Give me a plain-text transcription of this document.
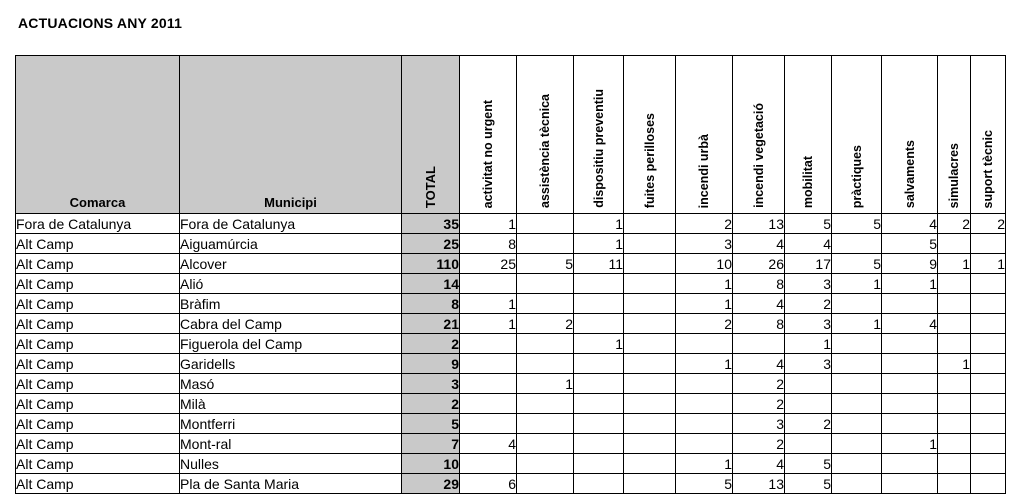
ACTUACIONS ANY 2011
Comarca	Municipi	TOTAL	activitat no urgent	assistència tècnica	dispositiu preventiu	fuites perilloses	incendi urbà	incendi vegetació	mobilitat	pràctiques	salvaments	simulacres	suport tècnic
Fora de Catalunya	Fora de Catalunya	35	1		1		2	13	5	5	4	2	2
Alt Camp	Aiguamúrcia	25	8		1		3	4	4		5		
Alt Camp	Alcover	110	25	5	11		10	26	17	5	9	1	1
Alt Camp	Alió	14					1	8	3	1	1		
Alt Camp	Bràfim	8	1				1	4	2				
Alt Camp	Cabra del Camp	21	1	2			2	8	3	1	4		
Alt Camp	Figuerola del Camp	2			1				1				
Alt Camp	Garidells	9					1	4	3			1	
Alt Camp	Masó	3		1				2					
Alt Camp	Milà	2						2					
Alt Camp	Montferri	5						3	2				
Alt Camp	Mont-ral	7	4					2			1		
Alt Camp	Nulles	10					1	4	5				
Alt Camp	Pla de Santa Maria	29	6				5	13	5				
